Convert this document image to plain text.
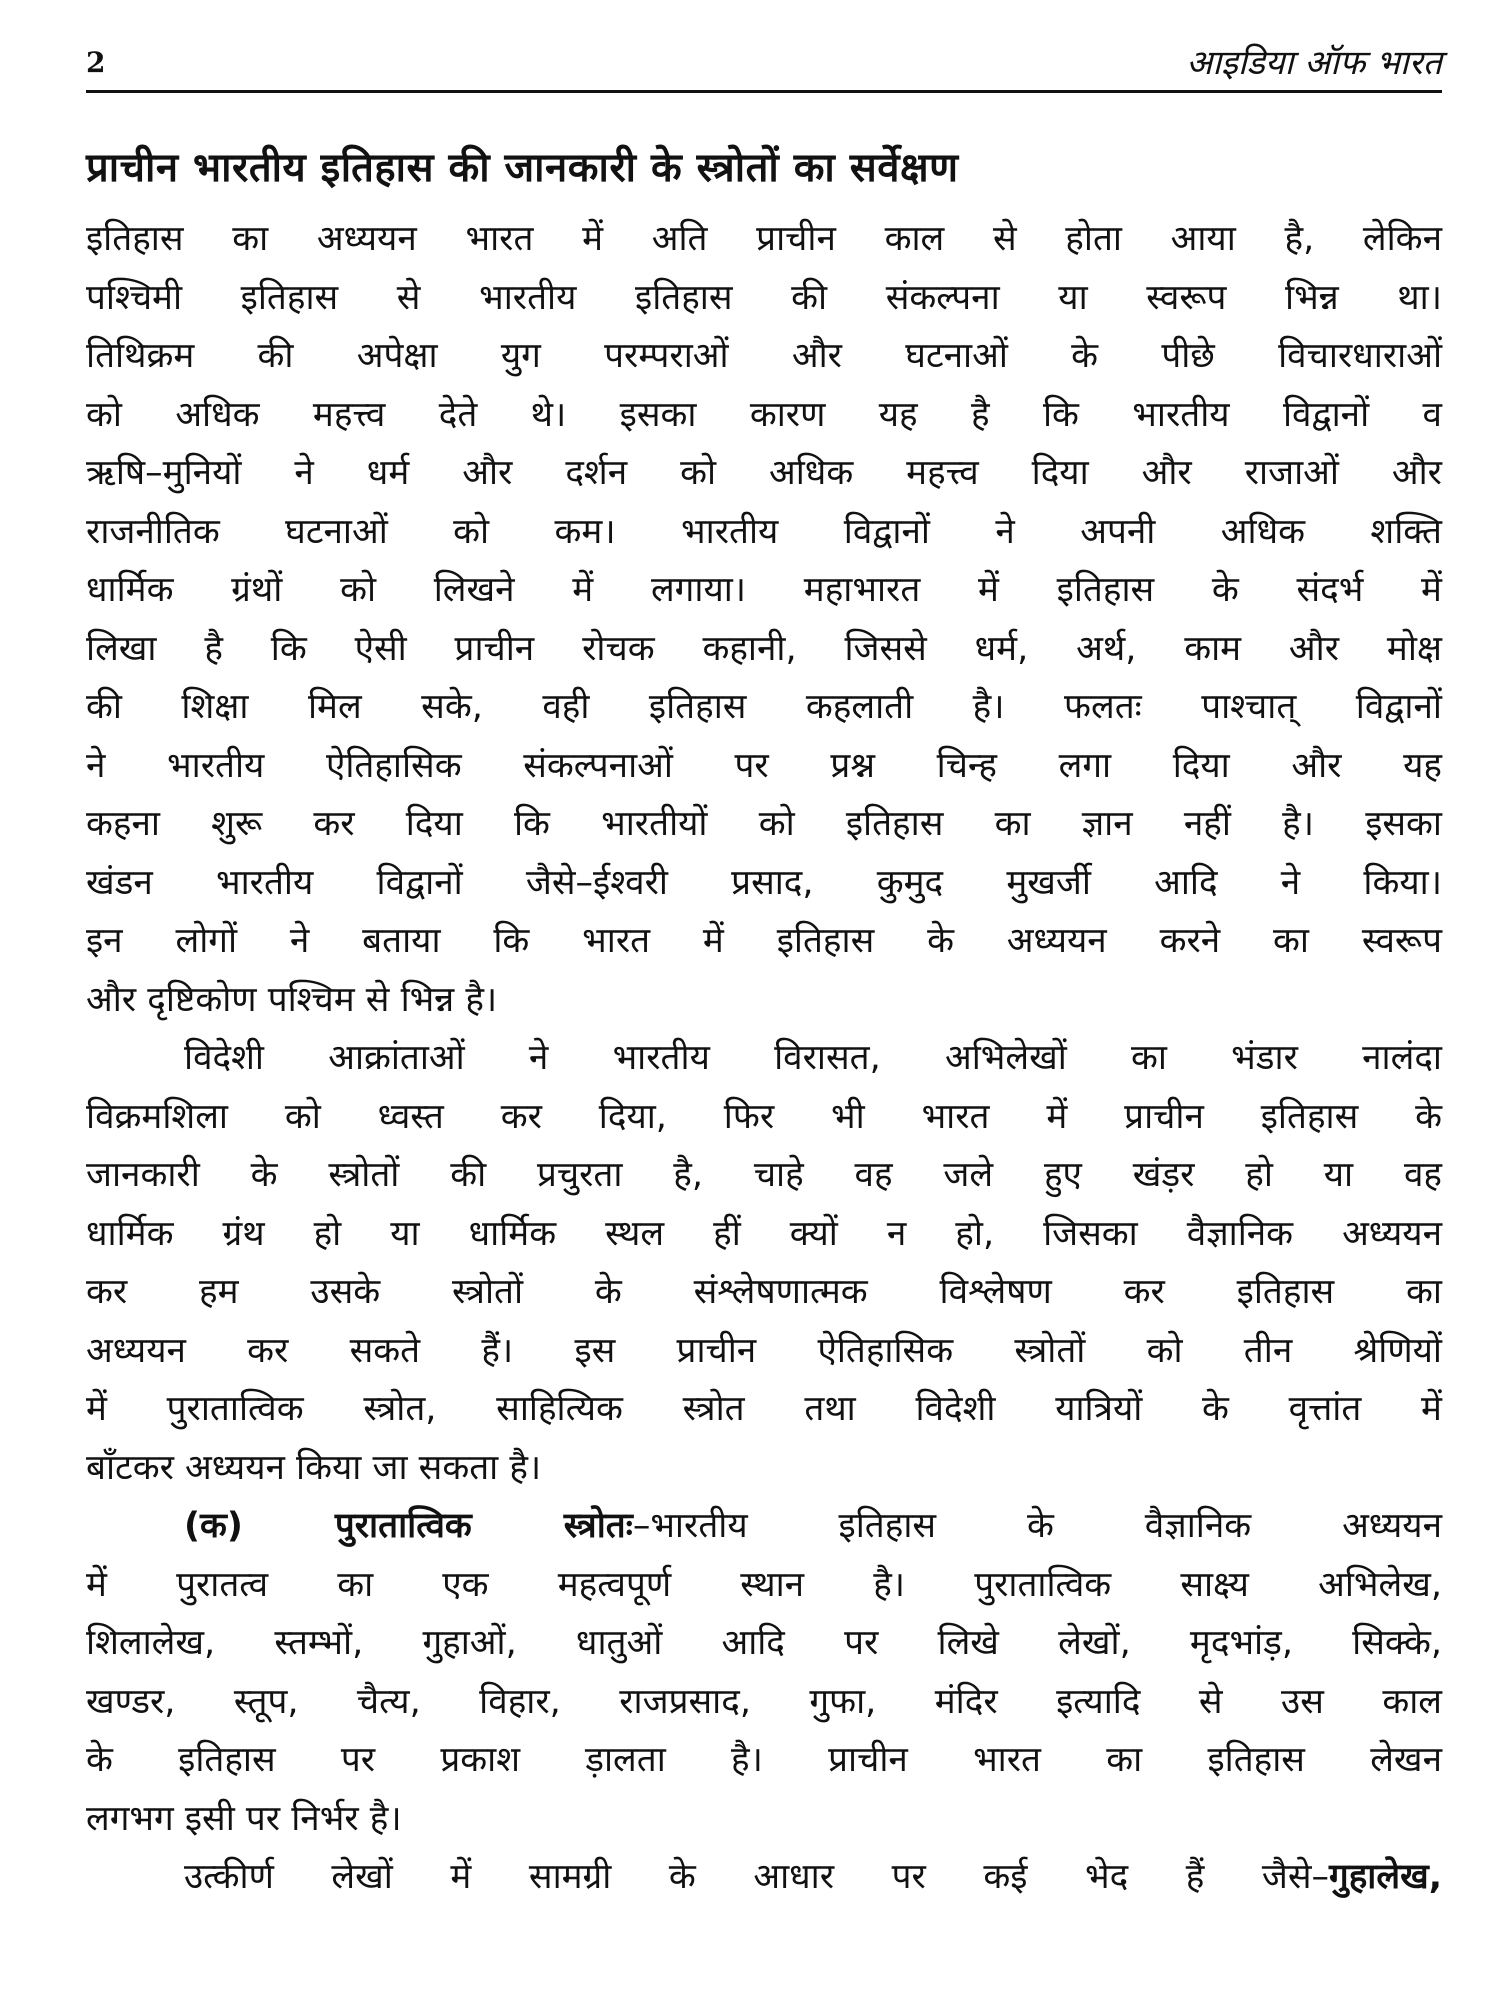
2	आइडिया ऑफ भारत
प्राचीन भारतीय इतिहास की जानकारी के स्त्रोतों का सर्वेक्षण
इतिहास का अध्ययन भारत में अति प्राचीन काल से होता आया है, लेकिन
पश्चिमी इतिहास से भारतीय इतिहास की संकल्पना या स्वरूप भिन्न था।
तिथिक्रम की अपेक्षा युग परम्पराओं और घटनाओं के पीछे विचारधाराओं
को अधिक महत्त्व देते थे। इसका कारण यह है कि भारतीय विद्वानों व
ऋषि–मुनियों ने धर्म और दर्शन को अधिक महत्त्व दिया और राजाओं और
राजनीतिक घटनाओं को कम। भारतीय विद्वानों ने अपनी अधिक शक्ति
धार्मिक ग्रंथों को लिखने में लगाया। महाभारत में इतिहास के संदर्भ में
लिखा है कि ऐसी प्राचीन रोचक कहानी, जिससे धर्म, अर्थ, काम और मोक्ष
की शिक्षा मिल सके, वही इतिहास कहलाती है। फलतः पाश्चात् विद्वानों
ने भारतीय ऐतिहासिक संकल्पनाओं पर प्रश्न चिन्ह लगा दिया और यह
कहना शुरू कर दिया कि भारतीयों को इतिहास का ज्ञान नहीं है। इसका
खंडन भारतीय विद्वानों जैसे–ईश्वरी प्रसाद, कुमुद मुखर्जी आदि ने किया।
इन लोगों ने बताया कि भारत में इतिहास के अध्ययन करने का स्वरूप
और दृष्टिकोण पश्चिम से भिन्न है।
विदेशी आक्रांताओं ने भारतीय विरासत, अभिलेखों का भंडार नालंदा
विक्रमशिला को ध्वस्त कर दिया, फिर भी भारत में प्राचीन इतिहास के
जानकारी के स्त्रोतों की प्रचुरता है, चाहे वह जले हुए खंड़र हो या वह
धार्मिक ग्रंथ हो या धार्मिक स्थल हीं क्यों न हो, जिसका वैज्ञानिक अध्ययन
कर हम उसके स्त्रोतों के संश्लेषणात्मक विश्लेषण कर इतिहास का
अध्ययन कर सकते हैं। इस प्राचीन ऐतिहासिक स्त्रोतों को तीन श्रेणियों
में पुरातात्विक स्त्रोत, साहित्यिक स्त्रोत तथा विदेशी यात्रियों के वृत्तांत में
बाँटकर अध्ययन किया जा सकता है।
(क) पुरातात्विक स्त्रोतः–भारतीय इतिहास के वैज्ञानिक अध्ययन
में पुरातत्व का एक महत्वपूर्ण स्थान है। पुरातात्विक साक्ष्य अभिलेख,
शिलालेख, स्तम्भों, गुहाओं, धातुओं आदि पर लिखे लेखों, मृदभांड़, सिक्के,
खण्डर, स्तूप, चैत्य, विहार, राजप्रसाद, गुफा, मंदिर इत्यादि से उस काल
के इतिहास पर प्रकाश ड़ालता है। प्राचीन भारत का इतिहास लेखन
लगभग इसी पर निर्भर है।
उत्कीर्ण लेखों में सामग्री के आधार पर कई भेद हैं जैसे–गुहालेख,
